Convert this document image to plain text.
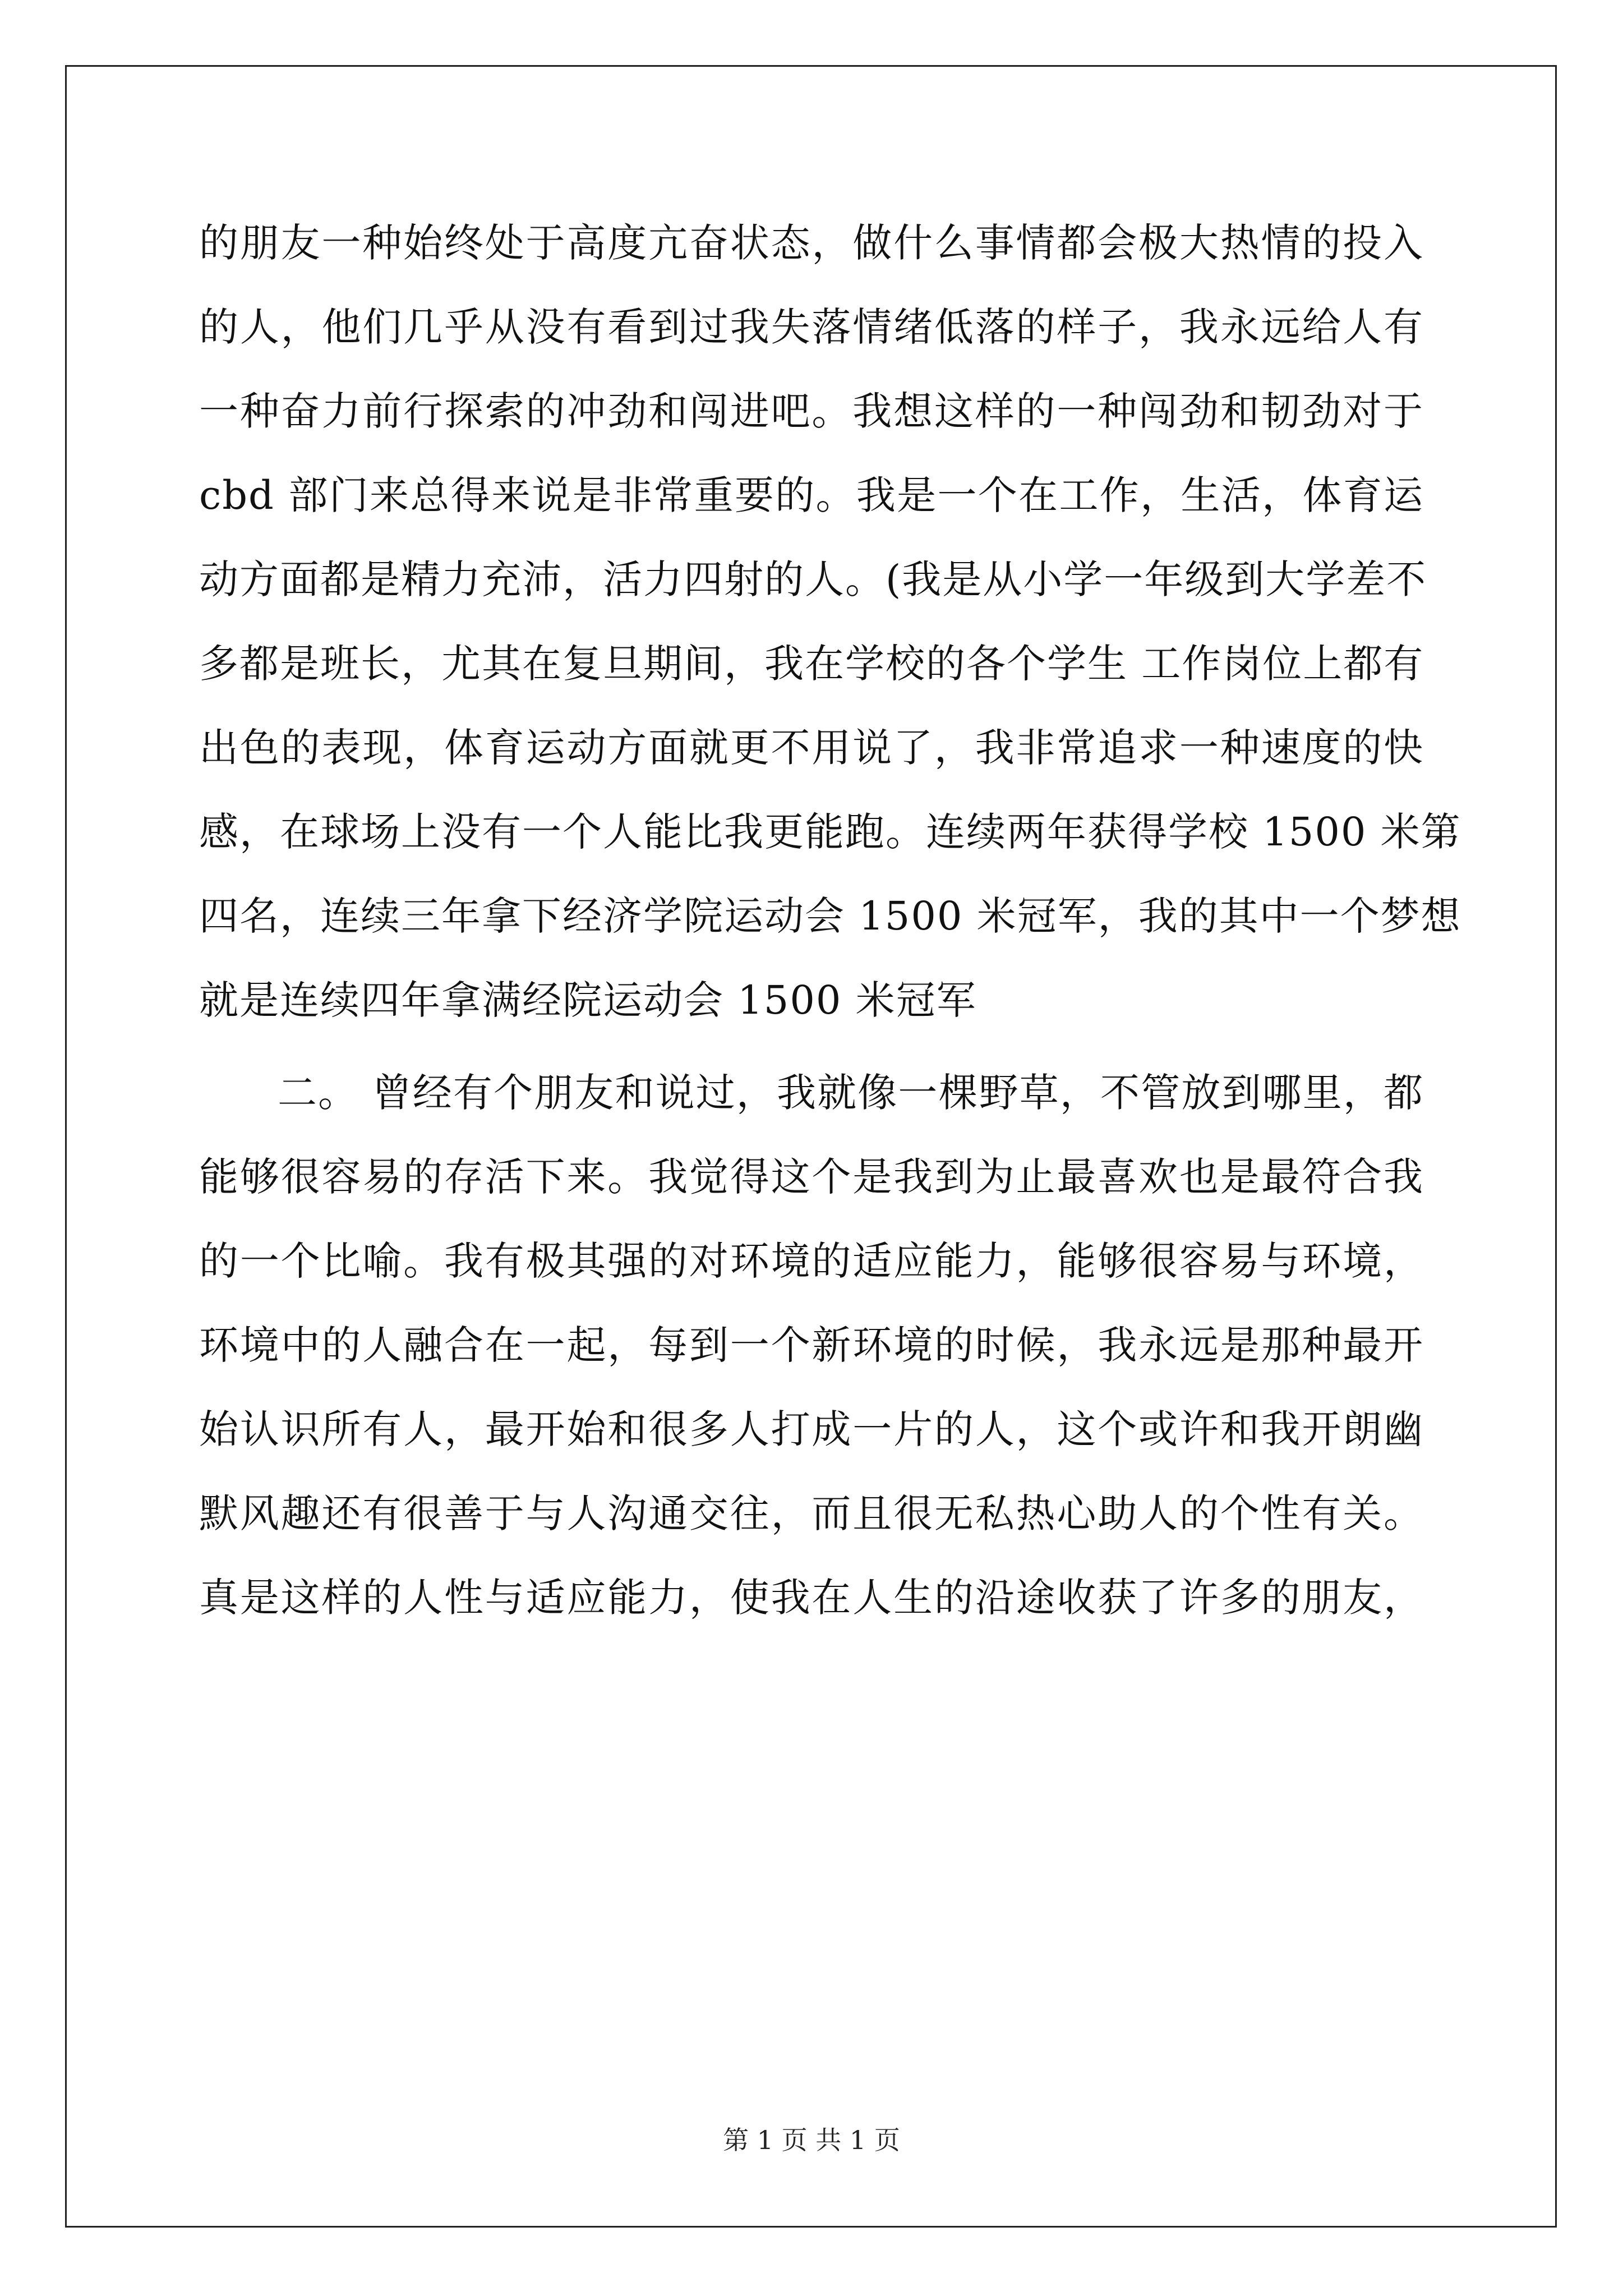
的朋友一种始终处于高度亢奋状态，做什么事情都会极大热情的投入
的人，他们几乎从没有看到过我失落情绪低落的样子，我永远给人有
一种奋力前行探索的冲劲和闯进吧。我想这样的一种闯劲和韧劲对于
cbd 部门来总得来说是非常重要的。我是一个在工作，生活，体育运
动方面都是精力充沛，活力四射的人。(我是从小学一年级到大学差不
多都是班长，尤其在复旦期间，我在学校的各个学生 工作岗位上都有
出色的表现，体育运动方面就更不用说了，我非常追求一种速度的快
感，在球场上没有一个人能比我更能跑。连续两年获得学校 1500 米第
四名，连续三年拿下经济学院运动会 1500 米冠军，我的其中一个梦想
就是连续四年拿满经院运动会 1500 米冠军
二。 曾经有个朋友和说过，我就像一棵野草，不管放到哪里，都
能够很容易的存活下来。我觉得这个是我到为止最喜欢也是最符合我
的一个比喻。我有极其强的对环境的适应能力，能够很容易与环境，
环境中的人融合在一起，每到一个新环境的时候，我永远是那种最开
始认识所有人，最开始和很多人打成一片的人，这个或许和我开朗幽
默风趣还有很善于与人沟通交往，而且很无私热心助人的个性有关。
真是这样的人性与适应能力，使我在人生的沿途收获了许多的朋友，
第 1 页 共 1 页
